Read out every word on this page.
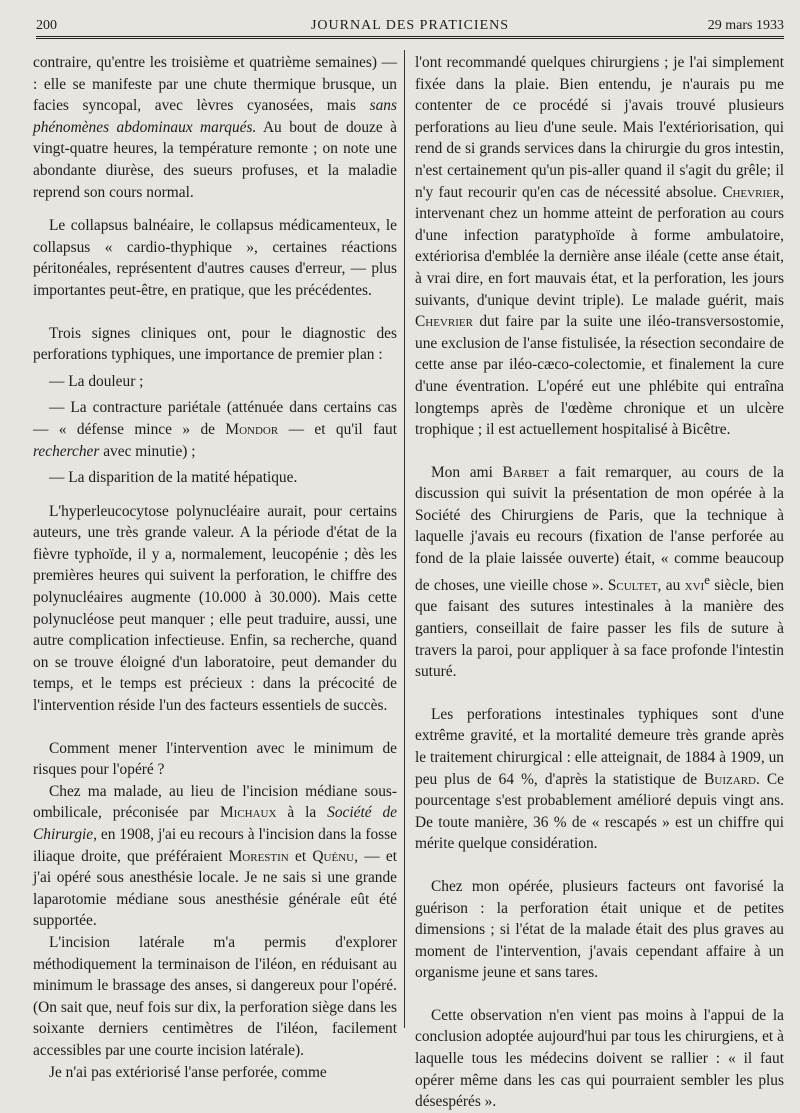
200	JOURNAL DES PRATICIENS	29 mars 1933

contraire, qu'entre les troisième et quatrième semaines) — : elle se manifeste par une chute thermique brusque, un facies syncopal, avec lèvres cyanosées, mais sans phénomènes abdominaux marqués. Au bout de douze à vingt-quatre heures, la température remonte ; on note une abondante diurèse, des sueurs profuses, et la maladie reprend son cours normal.

Le collapsus balnéaire, le collapsus médicamenteux, le collapsus « cardio-thyphique », certaines réactions péritonéales, représentent d'autres causes d'erreur, — plus importantes peut-être, en pratique, que les précédentes.

Trois signes cliniques ont, pour le diagnostic des perforations typhiques, une importance de premier plan :

— La douleur ;

— La contracture pariétale (atténuée dans certains cas — « défense mince » de Mondor — et qu'il faut rechercher avec minutie) ;

— La disparition de la matité hépatique.

L'hyperleucocytose polynucléaire aurait, pour certains auteurs, une très grande valeur. A la période d'état de la fièvre typhoïde, il y a, normalement, leucopénie ; dès les premières heures qui suivent la perforation, le chiffre des polynucléaires augmente (10.000 à 30.000). Mais cette polynucléose peut manquer ; elle peut traduire, aussi, une autre complication infectieuse. Enfin, sa recherche, quand on se trouve éloigné d'un laboratoire, peut demander du temps, et le temps est précieux : dans la précocité de l'intervention réside l'un des facteurs essentiels de succès.

Comment mener l'intervention avec le minimum de risques pour l'opéré ?

Chez ma malade, au lieu de l'incision médiane sous-ombilicale, préconisée par Michaux à la Société de Chirurgie, en 1908, j'ai eu recours à l'incision dans la fosse iliaque droite, que préféraient Morestin et Quénu, — et j'ai opéré sous anesthésie locale. Je ne sais si une grande laparotomie médiane sous anesthésie générale eût été supportée.

L'incision latérale m'a permis d'explorer méthodiquement la terminaison de l'iléon, en réduisant au minimum le brassage des anses, si dangereux pour l'opéré. (On sait que, neuf fois sur dix, la perforation siège dans les soixante derniers centimètres de l'iléon, facilement accessibles par une courte incision latérale).

Je n'ai pas extériorisé l'anse perforée, comme

l'ont recommandé quelques chirurgiens ; je l'ai simplement fixée dans la plaie. Bien entendu, je n'aurais pu me contenter de ce procédé si j'avais trouvé plusieurs perforations au lieu d'une seule. Mais l'extériorisation, qui rend de si grands services dans la chirurgie du gros intestin, n'est certainement qu'un pis-aller quand il s'agit du grêle; il n'y faut recourir qu'en cas de nécessité absolue. Chevrier, intervenant chez un homme atteint de perforation au cours d'une infection paratyphoïde à forme ambulatoire, extériorisa d'emblée la dernière anse iléale (cette anse était, à vrai dire, en fort mauvais état, et la perforation, les jours suivants, d'unique devint triple). Le malade guérit, mais Chevrier dut faire par la suite une iléo-transversostomie, une exclusion de l'anse fistulisée, la résection secondaire de cette anse par iléo-cæco-colectomie, et finalement la cure d'une éventration. L'opéré eut une phlébite qui entraîna longtemps après de l'œdème chronique et un ulcère trophique ; il est actuellement hospitalisé à Bicêtre.

Mon ami Barbet a fait remarquer, au cours de la discussion qui suivit la présentation de mon opérée à la Société des Chirurgiens de Paris, que la technique à laquelle j'avais eu recours (fixation de l'anse perforée au fond de la plaie laissée ouverte) était, « comme beaucoup de choses, une vieille chose ». Scultet, au xvi$^e$ siècle, bien que faisant des sutures intestinales à la manière des gantiers, conseillait de faire passer les fils de suture à travers la paroi, pour appliquer à sa face profonde l'intestin suturé.

Les perforations intestinales typhiques sont d'une extrême gravité, et la mortalité demeure très grande après le traitement chirurgical : elle atteignait, de 1884 à 1909, un peu plus de 64 %, d'après la statistique de Buizard. Ce pourcentage s'est probablement amélioré depuis vingt ans. De toute manière, 36 % de « rescapés » est un chiffre qui mérite quelque considération.

Chez mon opérée, plusieurs facteurs ont favorisé la guérison : la perforation était unique et de petites dimensions ; si l'état de la malade était des plus graves au moment de l'intervention, j'avais cependant affaire à un organisme jeune et sans tares.

Cette observation n'en vient pas moins à l'appui de la conclusion adoptée aujourd'hui par tous les chirurgiens, et à laquelle tous les médecins doivent se rallier : « il faut opérer même dans les cas qui pourraient sembler les plus désespérés ».
